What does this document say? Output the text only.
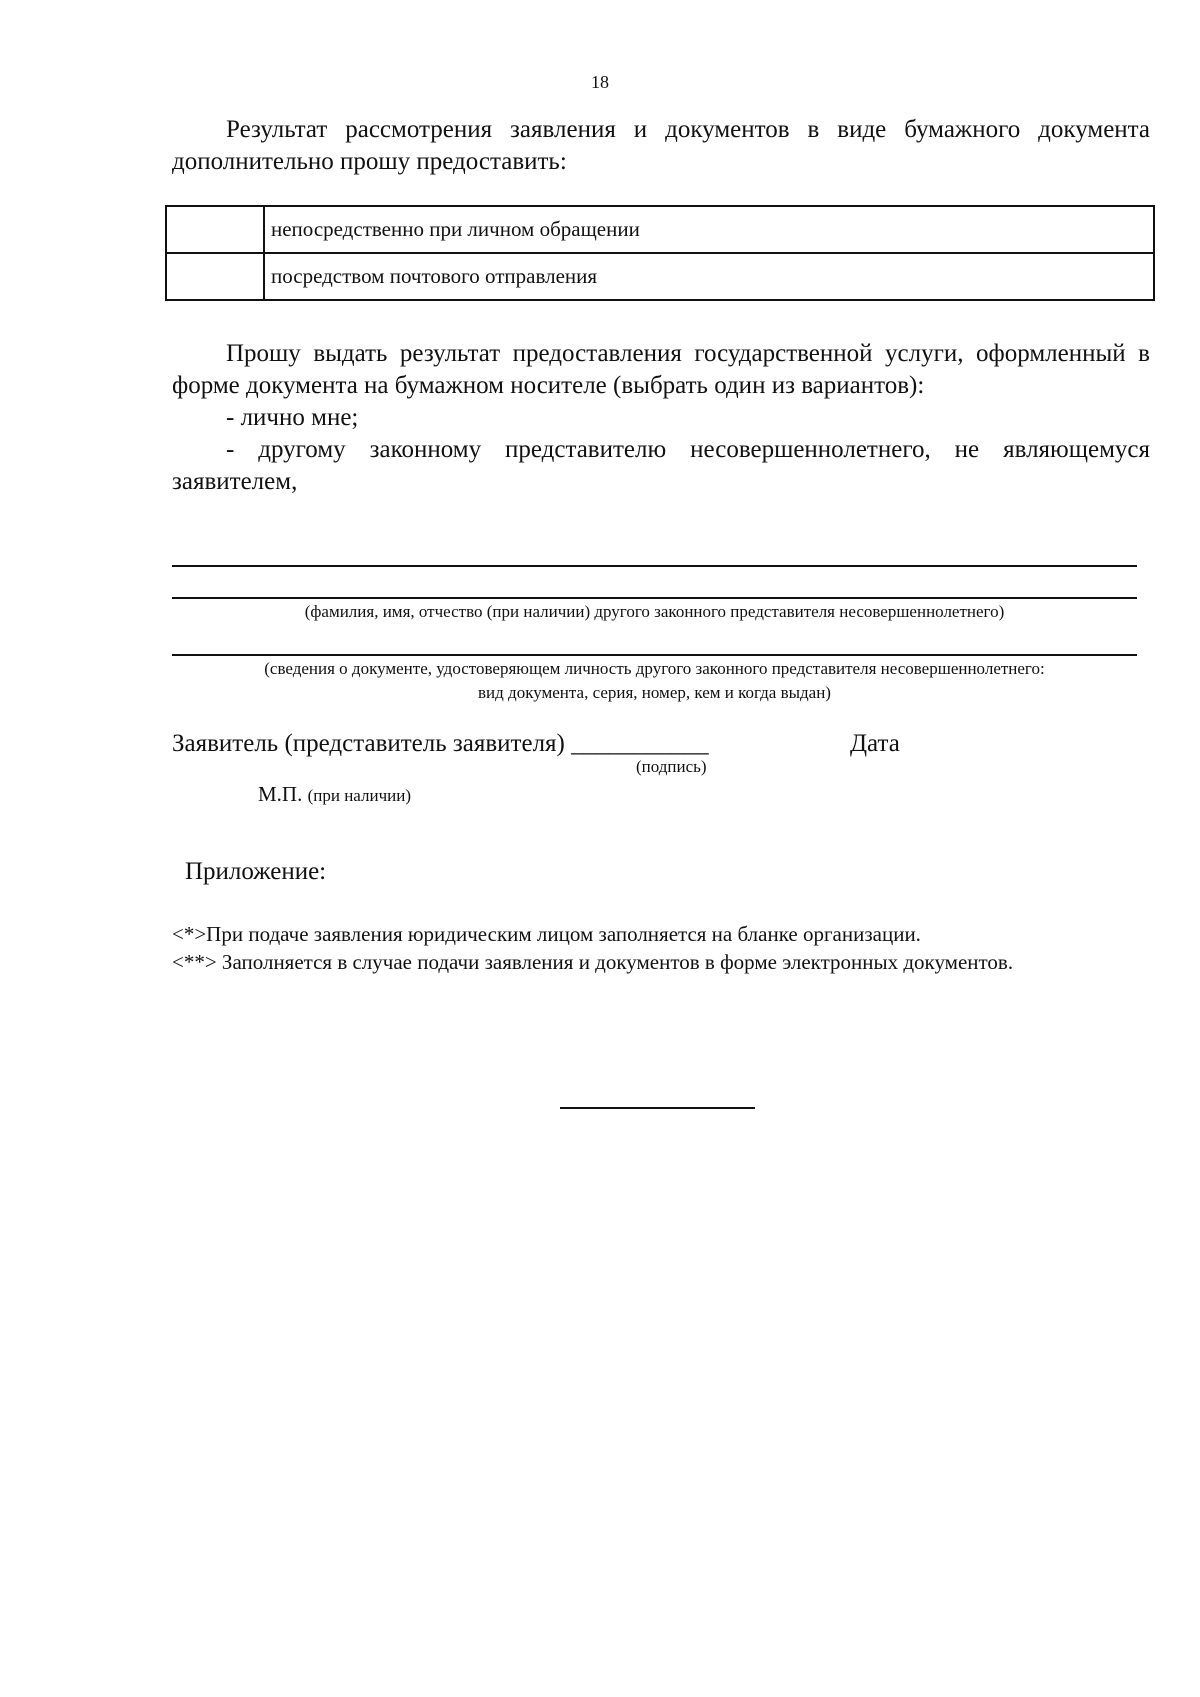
18
Результат рассмотрения заявления и документов в виде бумажного документа дополнительно прошу предоставить:
	непосредственно при личном обращении
	посредством почтового отправления
Прошу выдать результат предоставления государственной услуги, оформленный в форме документа на бумажном носителе (выбрать один из вариантов):
- лично мне;
- другому законному представителю несовершеннолетнего, не являющемуся заявителем,
(фамилия, имя, отчество (при наличии) другого законного представителя несовершеннолетнего)
(сведения о документе, удостоверяющем личность другого законного представителя несовершеннолетнего:
вид документа, серия, номер, кем и когда выдан)
Заявитель (представитель заявителя) ___________	Дата
(подпись)
М.П. (при наличии)
Приложение:

<*>При подаче заявления юридическим лицом заполняется на бланке организации.

<**> Заполняется в случае подачи заявления и документов в форме электронных документов.
